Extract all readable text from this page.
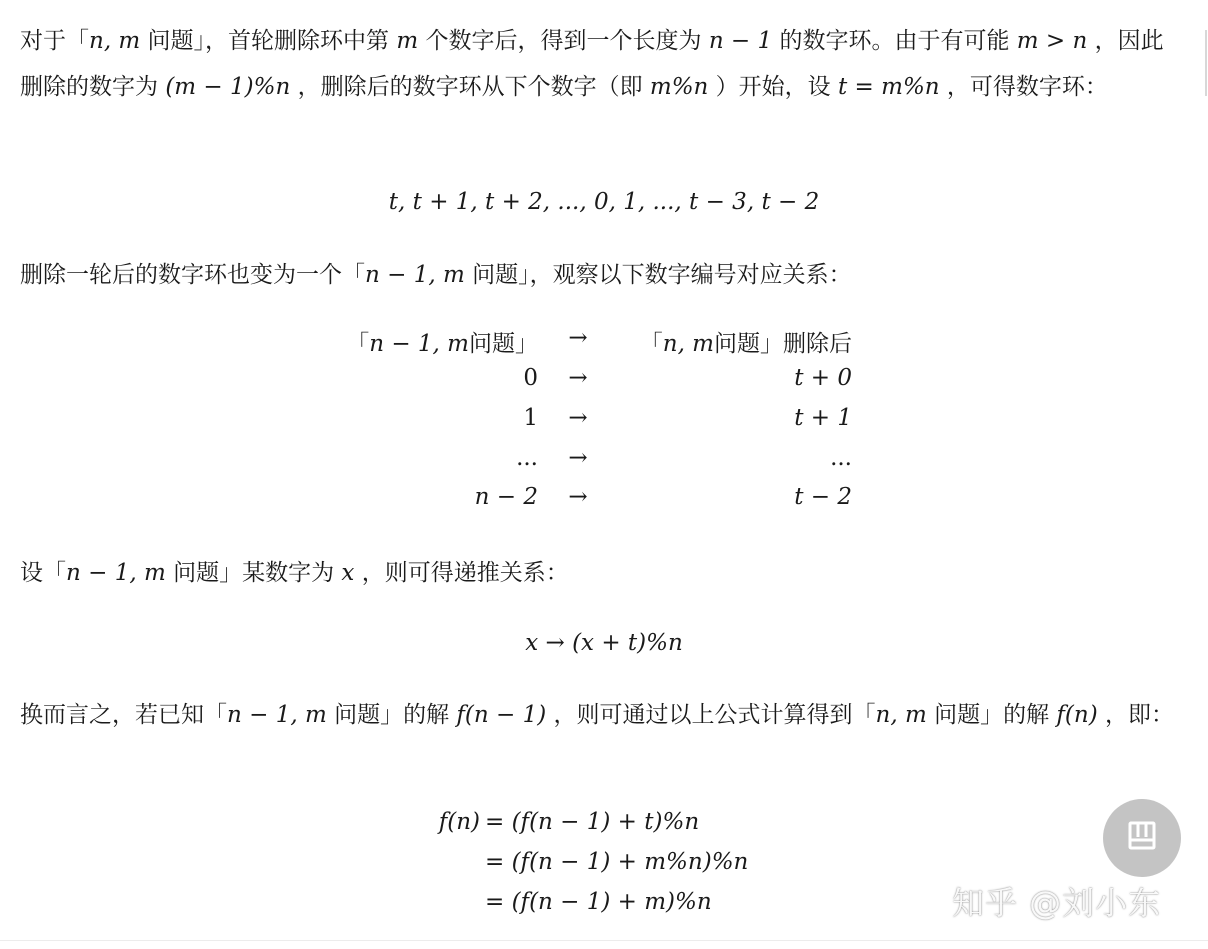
对于「n, m 问题」，首轮删除环中第 m 个数字后，得到一个长度为 n − 1 的数字环。由于有可能 m > n ，因此删除的数字为 (m − 1)%n ，删除后的数字环从下个数字（即 m%n ）开始，设 t = m%n ，可得数字环：
t, t + 1, t + 2, ..., 0, 1, ..., t − 3, t − 2
删除一轮后的数字环也变为一个「n − 1, m 问题」，观察以下数字编号对应关系：
「n − 1, m问题」 → 「n, m问题」删除后
0 →	t + 0
1 →	t + 1
... →	...
n − 2 →	t − 2
设「n − 1, m 问题」某数字为 x ，则可得递推关系：
x → (x + t)%n
换而言之，若已知「n − 1, m 问题」的解 f(n − 1) ，则可通过以上公式计算得到「n, m 问题」的解 f(n) ，即：
f(n) = (f(n − 1) + t)%n
= (f(n − 1) + m%n)%n
= (f(n − 1) + m)%n	知乎 @刘小东
